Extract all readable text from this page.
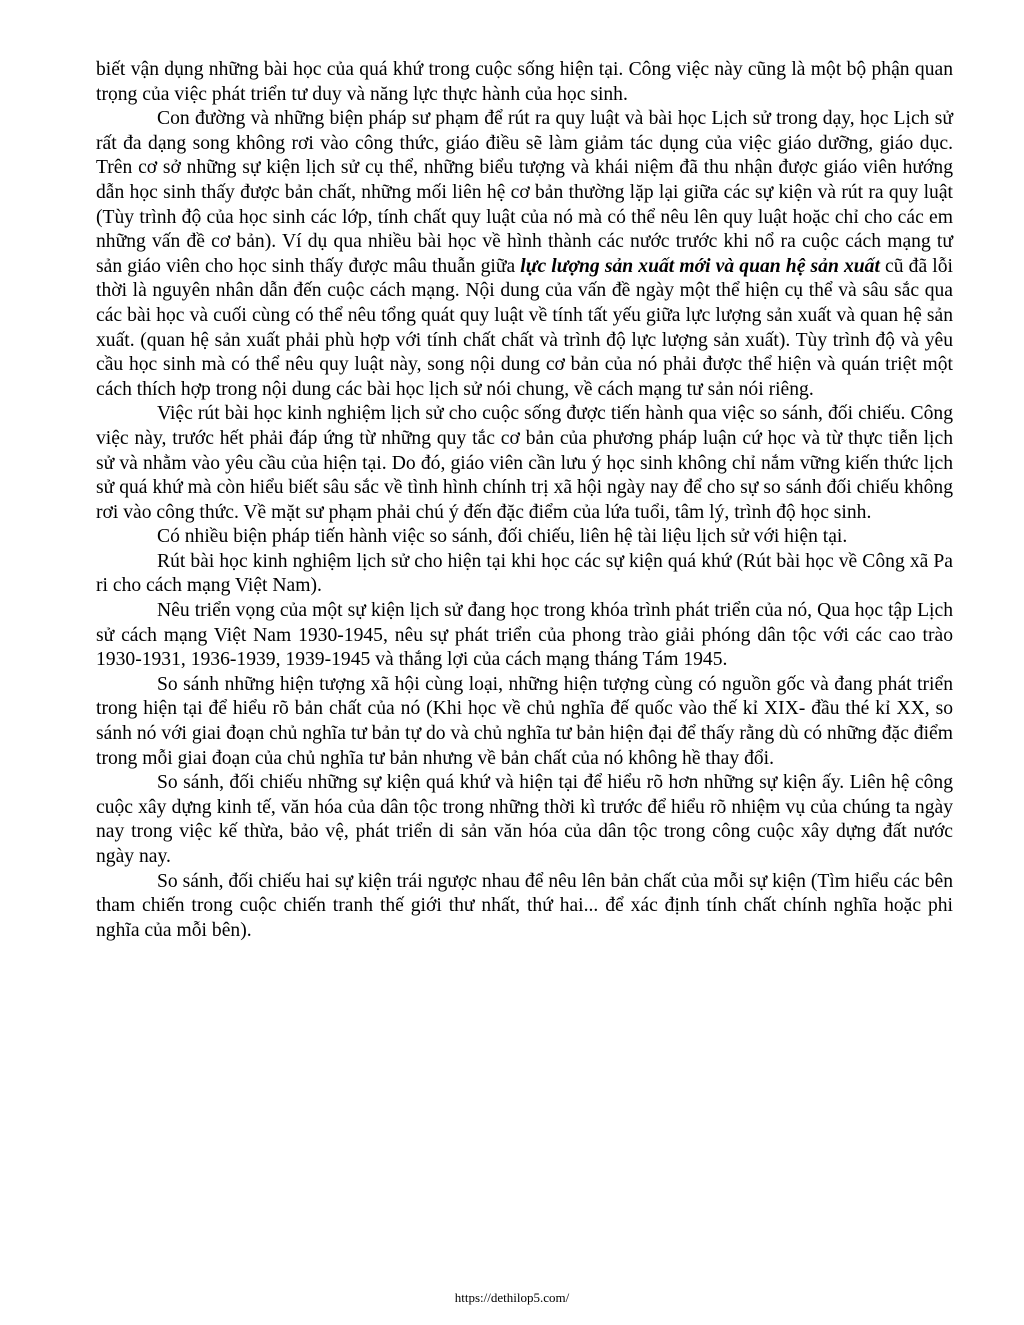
biết vận dụng những bài học của quá khứ trong cuộc sống hiện tại. Công việc này cũng là một bộ phận quan trọng của việc phát triển tư duy và năng lực thực hành của học sinh.

Con đường và những biện pháp sư phạm để rút ra quy luật và bài học Lịch sử trong dạy, học Lịch sử rất đa dạng song không rơi vào công thức, giáo điều sẽ làm giảm tác dụng của việc giáo dưỡng, giáo dục. Trên cơ sở những sự kiện lịch sử cụ thể, những biểu tượng và khái niệm đã thu nhận được giáo viên hướng dẫn học sinh thấy được bản chất, những mối liên hệ cơ bản thường lặp lại giữa các sự kiện và rút ra quy luật (Tùy trình độ của học sinh các lớp, tính chất quy luật của nó mà có thể nêu lên quy luật hoặc chỉ cho các em những vấn đề cơ bản). Ví dụ qua nhiều bài học về hình thành các nước trước khi nổ ra cuộc cách mạng tư sản giáo viên cho học sinh thấy được mâu thuẫn giữa lực lượng sản xuất mới và quan hệ sản xuất cũ đã lỗi thời là nguyên nhân dẫn đến cuộc cách mạng. Nội dung của vấn đề ngày một thể hiện cụ thể và sâu sắc qua các bài học và cuối cùng có thể nêu tổng quát quy luật về tính tất yếu giữa lực lượng sản xuất và quan hệ sản xuất. (quan hệ sản xuất phải phù hợp với tính chất chất và trình độ lực lượng sản xuất). Tùy trình độ và yêu cầu học sinh mà có thể nêu quy luật này, song nội dung cơ bản của nó phải được thể hiện và quán triệt một cách thích hợp trong nội dung các bài học lịch sử nói chung, về cách mạng tư sản nói riêng.

Việc rút bài học kinh nghiệm lịch sử cho cuộc sống được tiến hành qua việc so sánh, đối chiếu. Công việc này, trước hết phải đáp ứng từ những quy tắc cơ bản của phương pháp luận cứ học và từ thực tiễn lịch sử và nhằm vào yêu cầu của hiện tại. Do đó, giáo viên cần lưu ý học sinh không chỉ nắm vững kiến thức lịch sử quá khứ mà còn hiểu biết sâu sắc về tình hình chính trị xã hội ngày nay để cho sự so sánh đối chiếu không rơi vào công thức. Về mặt sư phạm phải chú ý đến đặc điểm của lứa tuổi, tâm lý, trình độ học sinh.

Có nhiều biện pháp tiến hành việc so sánh, đối chiếu, liên hệ tài liệu lịch sử với hiện tại.

Rút bài học kinh nghiệm lịch sử cho hiện tại khi học các sự kiện quá khứ (Rút bài học về Công xã Pa ri cho cách mạng Việt Nam).

Nêu triển vọng của một sự kiện lịch sử đang học trong khóa trình phát triển của nó, Qua học tập Lịch sử cách mạng Việt Nam 1930-1945, nêu sự phát triển của phong trào giải phóng dân tộc với các cao trào 1930-1931, 1936-1939, 1939-1945 và thắng lợi của cách mạng tháng Tám 1945.

So sánh những hiện tượng xã hội cùng loại, những hiện tượng cùng có nguồn gốc và đang phát triển trong hiện tại để hiểu rõ bản chất của nó (Khi học về chủ nghĩa đế quốc vào thế kỉ XIX- đầu thé kỉ XX, so sánh nó với giai đoạn chủ nghĩa tư bản tự do và chủ nghĩa tư bản hiện đại để thấy rằng dù có những đặc điểm trong mỗi giai đoạn của chủ nghĩa tư bản nhưng về bản chất của nó không hề thay đổi.

So sánh, đối chiếu những sự kiện quá khứ và hiện tại để hiểu rõ hơn những sự kiện ấy. Liên hệ công cuộc xây dựng kinh tế, văn hóa của dân tộc trong những thời kì trước để hiểu rõ nhiệm vụ của chúng ta ngày nay trong việc kế thừa, bảo vệ, phát triển di sản văn hóa của dân tộc trong công cuộc xây dựng đất nước ngày nay.

So sánh, đối chiếu hai sự kiện trái ngược nhau để nêu lên bản chất của mỗi sự kiện (Tìm hiểu các bên tham chiến trong cuộc chiến tranh thế giới thư nhất, thứ hai... để xác định tính chất chính nghĩa hoặc phi nghĩa của mỗi bên).

https://dethilop5.com/
